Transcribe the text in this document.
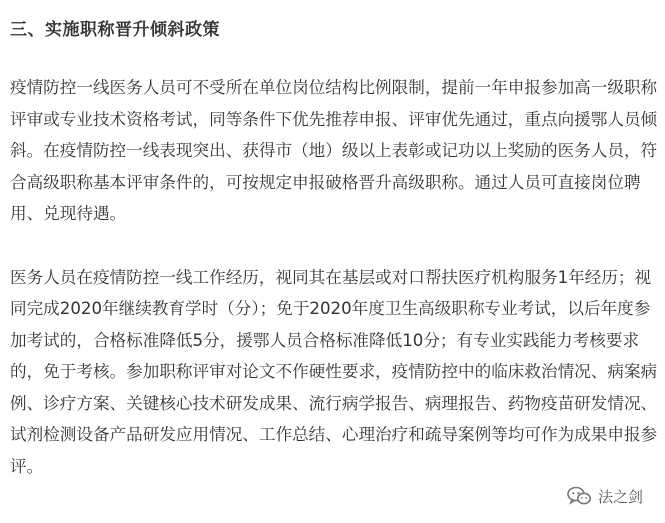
三、实施职称晋升倾斜政策

疫情防控一线医务人员可不受所在单位岗位结构比例限制，提前一年申报参加高一级职称评审或专业技术资格考试，同等条件下优先推荐申报、评审优先通过，重点向援鄂人员倾斜。在疫情防控一线表现突出、获得市（地）级以上表彰或记功以上奖励的医务人员，符合高级职称基本评审条件的，可按规定申报破格晋升高级职称。通过人员可直接岗位聘用、兑现待遇。

医务人员在疫情防控一线工作经历，视同其在基层或对口帮扶医疗机构服务1年经历；视同完成2020年继续教育学时（分）；免于2020年度卫生高级职称专业考试，以后年度参加考试的，合格标准降低5分，援鄂人员合格标准降低10分；有专业实践能力考核要求的，免于考核。参加职称评审对论文不作硬性要求，疫情防控中的临床救治情况、病案病例、诊疗方案、关键核心技术研发成果、流行病学报告、病理报告、药物疫苗研发情况、试剂检测设备产品研发应用情况、工作总结、心理治疗和疏导案例等均可作为成果申报参评。

法之剑
